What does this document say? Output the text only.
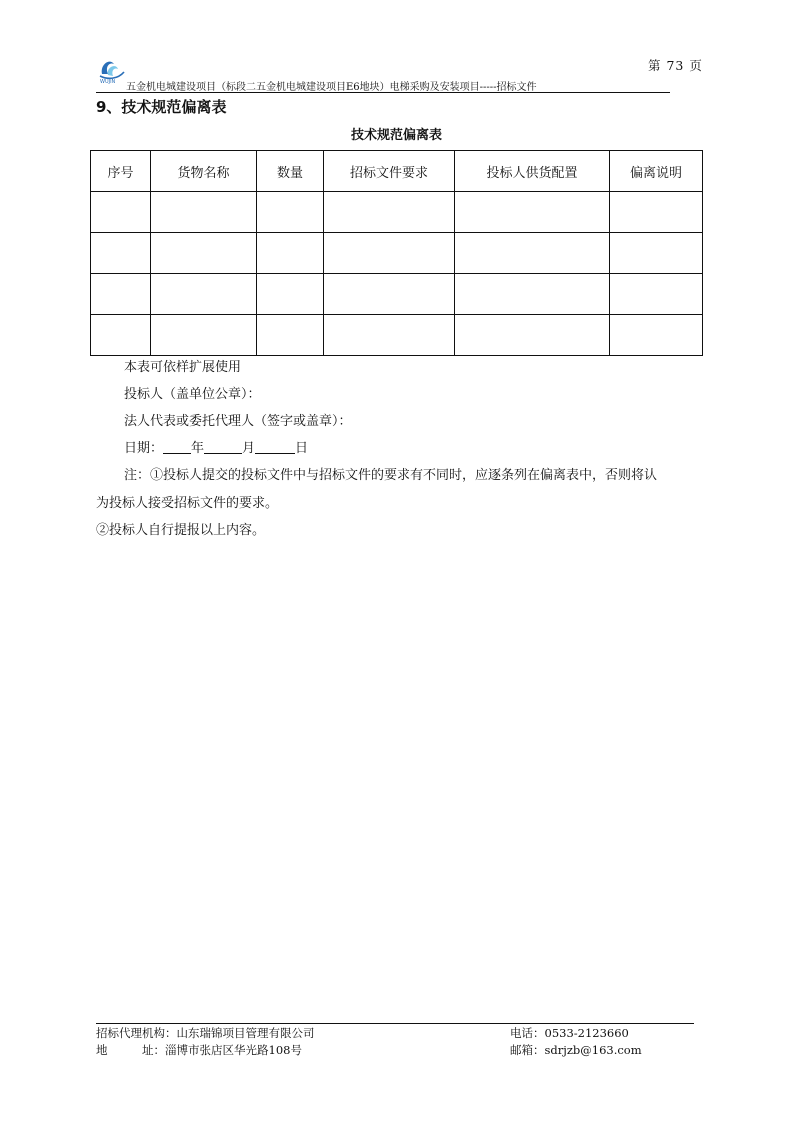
WUJIN
第 73 页
五金机电城建设项目（标段二五金机电城建设项目E6地块）电梯采购及安装项目-----招标文件
9、技术规范偏离表
技术规范偏离表
序号	货物名称	数量	招标文件要求	投标人供货配置	偏离说明

本表可依样扩展使用
投标人（盖单位公章）：
法人代表或委托代理人（签字或盖章）：
日期： 年	月	日
注：①投标人提交的投标文件中与招标文件的要求有不同时，应逐条列在偏离表中，否则将认
为投标人接受招标文件的要求。
②投标人自行提报以上内容。
招标代理机构：山东瑞锦项目管理有限公司	电话：0533-2123660
地　　　址：淄博市张店区华光路108号	邮箱：sdrjzb@163.com
